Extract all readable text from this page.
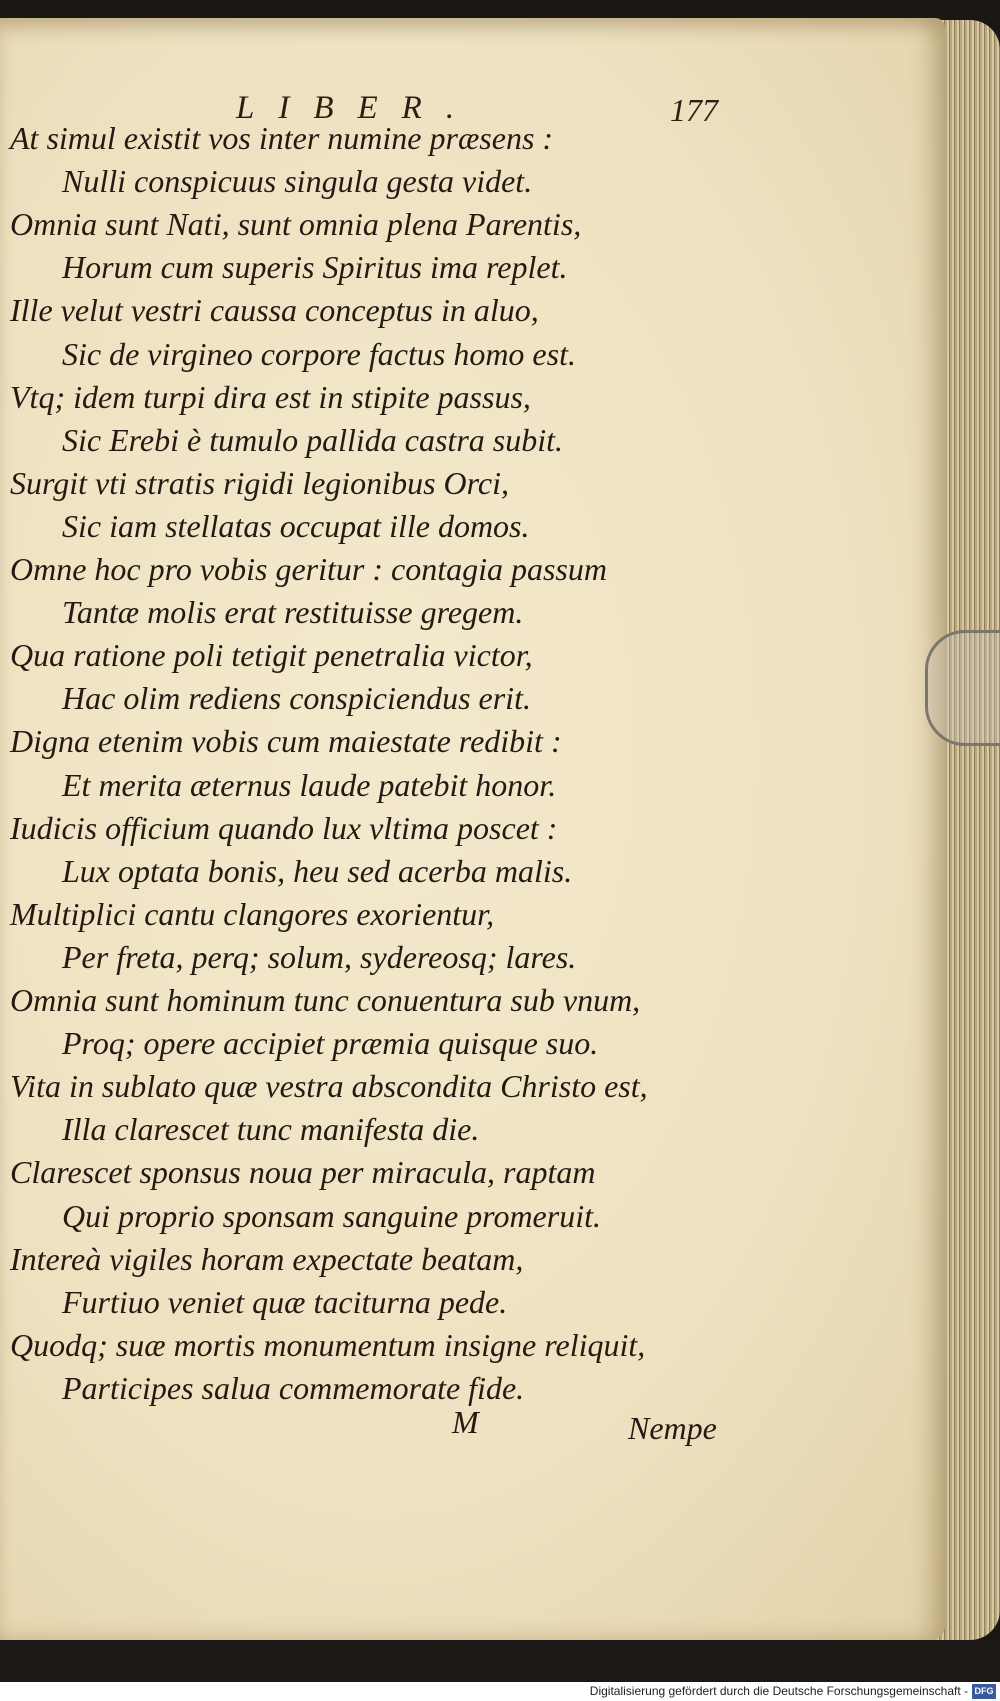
LIBER.	177
At simul existit vos inter numine præsens :
Nulli conspicuus singula gesta videt.
Omnia sunt Nati, sunt omnia plena Parentis,
Horum cum superis Spiritus ima replet.
Ille velut vestri caussa conceptus in aluo,
Sic de virgineo corpore factus homo est.
Vtq; idem turpi dira est in stipite passus,
Sic Erebi è tumulo pallida castra subit.
Surgit vti stratis rigidi legionibus Orci,
Sic iam stellatas occupat ille domos.
Omne hoc pro vobis geritur : contagia passum
Tantæ molis erat restituisse gregem.
Qua ratione poli tetigit penetralia victor,
Hac olim rediens conspiciendus erit.
Digna etenim vobis cum maiestate redibit :
Et merita æternus laude patebit honor.
Iudicis officium quando lux vltima poscet :
Lux optata bonis, heu sed acerba malis.
Multiplici cantu clangores exorientur,
Per freta, perq; solum, sydereosq; lares.
Omnia sunt hominum tunc conuentura sub vnum,
Proq; opere accipiet præmia quisque suo.
Vita in sublato quæ vestra abscondita Christo est,
Illa clarescet tunc manifesta die.
Clarescet sponsus noua per miracula, raptam
Qui proprio sponsam sanguine promeruit.
Intereà vigiles horam expectate beatam,
Furtiuo veniet quæ taciturna pede.
Quodq; suæ mortis monumentum insigne reliquit,
Participes salua commemorate fide.
M	Nempe
Digitalisierung gefördert durch die Deutsche Forschungsgemeinschaft - DFG
